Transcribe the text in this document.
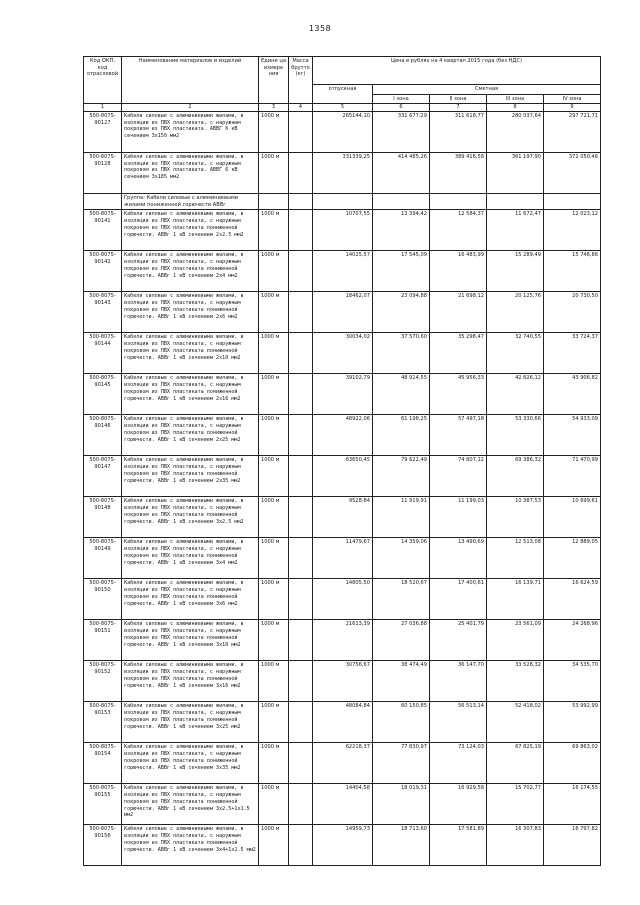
1358
Код ОКП, код отраслевой	Наименование материалов и изделий	Едини ца измере ния	Масса брутто (кг)	Цена в рублях на 4 квартал 2015 года (без НДС)				
				отпускная	Сметная			
					I зона	II зона	III зона	IV зона
1	2	3	4	5	6	7	8	9
500-8075-90127	Кабели силовые с алюминиевыми жилами, в изоляции из ПВХ пластиката, с наружным покровом из ПВХ пластиката. АВВГ 6 кВ сечением 3х150 мм2	1000 м		265144,10	331 677,29	311 618,77	280 037,64	297 721,71
500-8075-90128	Кабели силовые с алюминиевыми жилами, в изоляции из ПВХ пластиката, с наружным покровом из ПВХ пластиката. АВВГ 6 кВ сечением 3х185 мм2	1000 м		331339,25	414 485,26	389 416,58	361 197,90	372 050,46
	Группа: Кабели силовые с алюминиевыми жилами пониженной горючести АВВг							
500-8075-90141	Кабели силовые с алюминиевыми жилами, в изоляции из ПВХ пластиката, с наружным покровом из ПВХ пластиката пониженной горючести. АВВг 1 кВ сечением 2х2.5 мм2	1000 м		10707,55	13 394,42	12 584,37	11 672,47	12 023,12
500-8075-90142	Кабели силовые с алюминиевыми жилами, в изоляции из ПВХ пластиката, с наружным покровом из ПВХ пластиката пониженной горючести. АВВг 1 кВ сечением 2х4 мм2	1000 м		14025,57	17 545,09	16 483,99	15 289,49	15 748,86
500-8075-90143	Кабели силовые с алюминиевыми жилами, в изоляции из ПВХ пластиката, с наружным покровом из ПВХ пластиката пониженной горючести. АВВг 1 кВ сечением 2х6 мм2	1000 м		18462,07	23 094,88	21 698,12	20 125,76	20 730,50
500-8075-90144	Кабели силовые с алюминиевыми жилами, в изоляции из ПВХ пластиката, с наружным покровом из ПВХ пластиката пониженной горючести. АВВг 1 кВ сечением 2х10 мм2	1000 м		30034,02	37 570,60	35 298,47	32 740,55	33 724,37
500-8075-90145	Кабели силовые с алюминиевыми жилами, в изоляции из ПВХ пластиката, с наружным покровом из ПВХ пластиката пониженной горючести. АВВг 1 кВ сечением 2х16 мм2	1000 м		39102,79	48 914,55	45 956,33	42 626,12	43 906,82
500-8075-90146	Кабели силовые с алюминиевыми жилами, в изоляции из ПВХ пластиката, с наружным покровом из ПВХ пластиката пониженной горючести. АВВг 1 кВ сечением 2х25 мм2	1000 м		48922,06	61 198,25	57 497,18	53 330,66	54 933,09
500-8075-90147	Кабели силовые с алюминиевыми жилами, в изоляции из ПВХ пластиката, с наружным покровом из ПВХ пластиката пониженной горючести. АВВг 1 кВ сечением 2х35 мм2	1000 м		63650,45	79 622,49	74 807,12	69 386,32	71 470,99
500-8075-90148	Кабели силовые с алюминиевыми жилами, в изоляции из ПВХ пластиката, с наружным покровом из ПВХ пластиката пониженной горючести. АВВг 1 кВ сечением 3х2.5 мм2	1000 м		9528,84	11 919,91	11 199,03	10 387,53	10 699,61
500-8075-90149	Кабели силовые с алюминиевыми жилами, в изоляции из ПВХ пластиката, с наружным покровом из ПВХ пластиката пониженной горючести. АВВг 1 кВ сечением 3х4 мм2	1000 м		11479,67	14 359,06	13 490,69	12 513,08	12 889,05
500-8075-90150	Кабели силовые с алюминиевыми жилами, в изоляции из ПВХ пластиката, с наружным покровом из ПВХ пластиката пониженной горючести. АВВг 1 кВ сечением 3х6 мм2	1000 м		14805,50	18 520,67	17 400,61	16 139,71	16 624,59
500-8075-90151	Кабели силовые с алюминиевыми жилами, в изоляции из ПВХ пластиката, с наружным покровом из ПВХ пластиката пониженной горючести. АВВг 1 кВ сечением 3х10 мм2	1000 м		21613,39	27 036,88	25 401,79	23 561,09	24 268,96
500-8075-90152	Кабели силовые с алюминиевыми жилами, в изоляции из ПВХ пластиката, с наружным покровом из ПВХ пластиката пониженной горючести. АВВг 1 кВ сечением 3х16 мм2	1000 м		30756,67	38 474,49	36 147,70	33 528,32	34 535,70
500-8075-90153	Кабели силовые с алюминиевыми жилами, в изоляции из ПВХ пластиката, с наружным покровом из ПВХ пластиката пониженной горючести. АВВг 1 кВ сечением 3х25 мм2	1000 м		48084,84	60 150,85	56 513,14	52 418,02	53 992,99
500-8075-90154	Кабели силовые с алюминиевыми жилами, в изоляции из ПВХ пластиката, с наружным покровом из ПВХ пластиката пониженной горючести. АВВг 1 кВ сечением 3х35 мм2	1000 м		62218,37	77 830,97	73 124,03	67 825,19	69 863,02
500-8075-90155	Кабели силовые с алюминиевыми жилами, в изоляции из ПВХ пластиката, с наружным покровом из ПВХ пластиката пониженной горючести. АВВг 1 кВ сечением 3х2.5+1х1.5 мм2	1000 м		14404,58	18 019,31	16 929,58	15 702,77	16 174,55
500-8075-90156	Кабели силовые с алюминиевыми жилами, в изоляции из ПВХ пластиката, с наружным покровом из ПВХ пластиката пониженной горючести. АВВг 1 кВ сечением 3х4+1х2.5 мм2	1000 м		14959,73	18 713,60	17 581,89	16 307,83	16 797,82
